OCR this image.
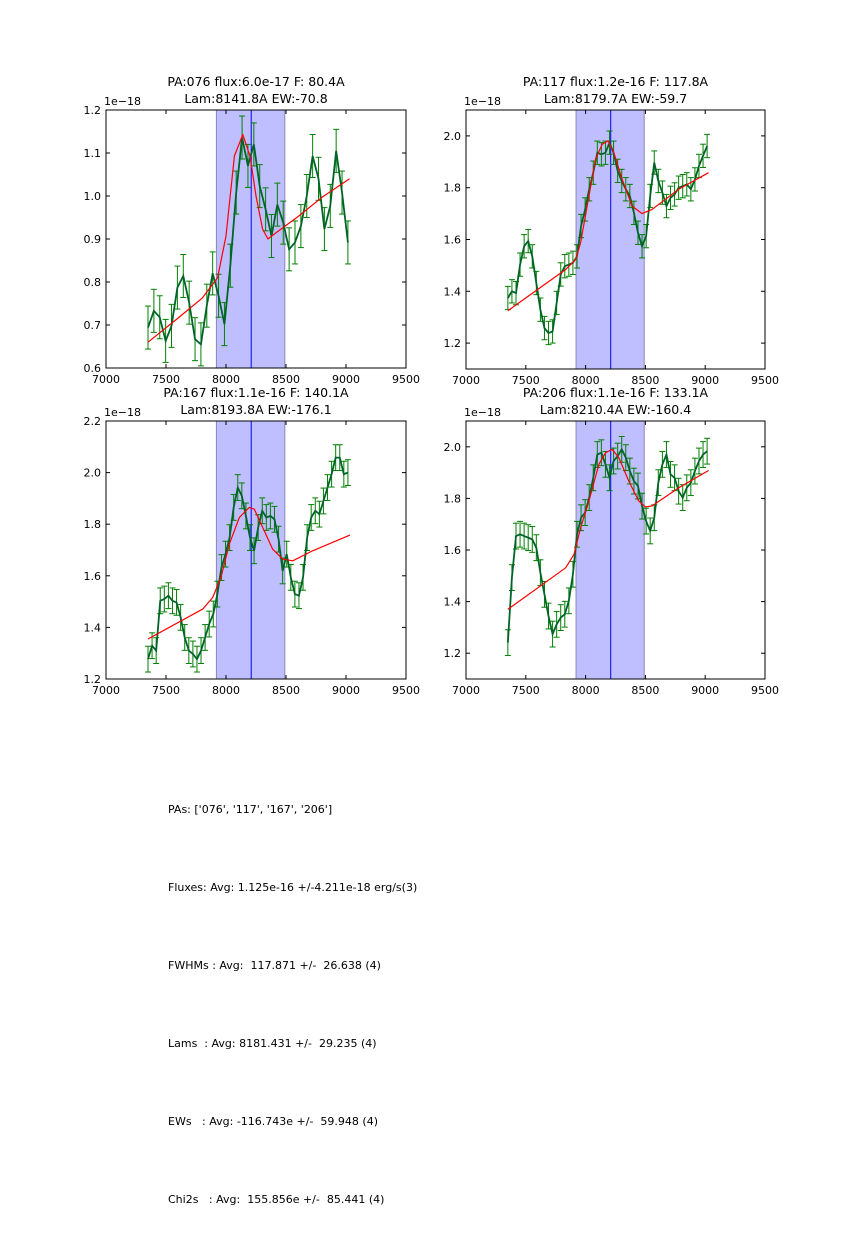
7000	7500	8000	8500	9000	9500
0.6
0.7
0.8
0.9
1.0
1.1
1.2
1e−18
PA:076 flux:6.0e-17 F: 80.4A
Lam:8141.8A EW:-70.8
7000	7500	8000	8500	9000	9500
1.2
1.4
1.6
1.8
2.0
1e−18
PA:117 flux:1.2e-16 F: 117.8A
Lam:8179.7A EW:-59.7
7000	7500	8000	8500	9000	9500
1.2
1.4
1.6
1.8
2.0
2.2
1e−18
PA:167 flux:1.1e-16 F: 140.1A
Lam:8193.8A EW:-176.1
7000	7500	8000	8500	9000	9500
1.2
1.4
1.6
1.8
2.0
1e−18
PA:206 flux:1.1e-16 F: 133.1A
Lam:8210.4A EW:-160.4

PAs: ['076', '117', '167', '206']

Fluxes: Avg: 1.125e-16 +/-4.211e-18 erg/s(3)

FWHMs : Avg:  117.871 +/-  26.638 (4)

Lams  : Avg: 8181.431 +/-  29.235 (4)

EWs   : Avg: -116.743e +/-  59.948 (4)

Chi2s   : Avg:  155.856e +/-  85.441 (4)
